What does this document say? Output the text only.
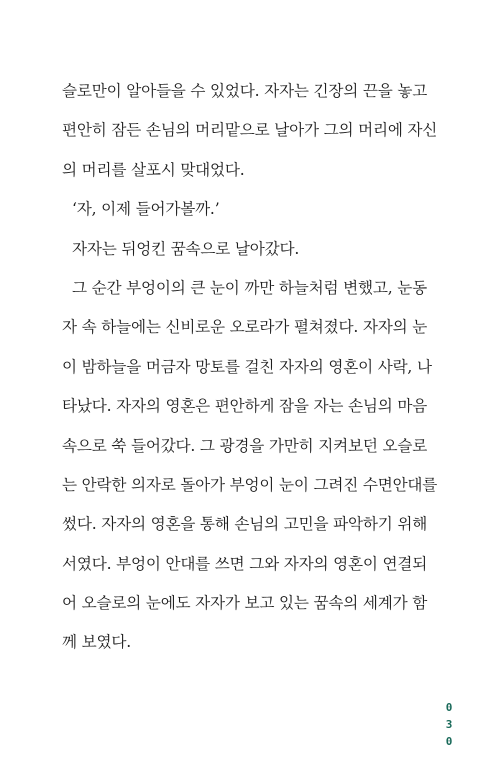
슬로만이 알아들을 수 있었다. 자자는 긴장의 끈을 놓고
편안히 잠든 손님의 머리맡으로 날아가 그의 머리에 자신
의 머리를 살포시 맞대었다.
‘자, 이제 들어가볼까.’
자자는 뒤엉킨 꿈속으로 날아갔다.
그 순간 부엉이의 큰 눈이 까만 하늘처럼 변했고, 눈동
자 속 하늘에는 신비로운 오로라가 펼쳐졌다. 자자의 눈
이 밤하늘을 머금자 망토를 걸친 자자의 영혼이 사락, 나
타났다. 자자의 영혼은 편안하게 잠을 자는 손님의 마음
속으로 쑥 들어갔다. 그 광경을 가만히 지켜보던 오슬로
는 안락한 의자로 돌아가 부엉이 눈이 그려진 수면안대를
썼다. 자자의 영혼을 통해 손님의 고민을 파악하기 위해
서였다. 부엉이 안대를 쓰면 그와 자자의 영혼이 연결되
어 오슬로의 눈에도 자자가 보고 있는 꿈속의 세계가 함
께 보였다.
0
3
0
